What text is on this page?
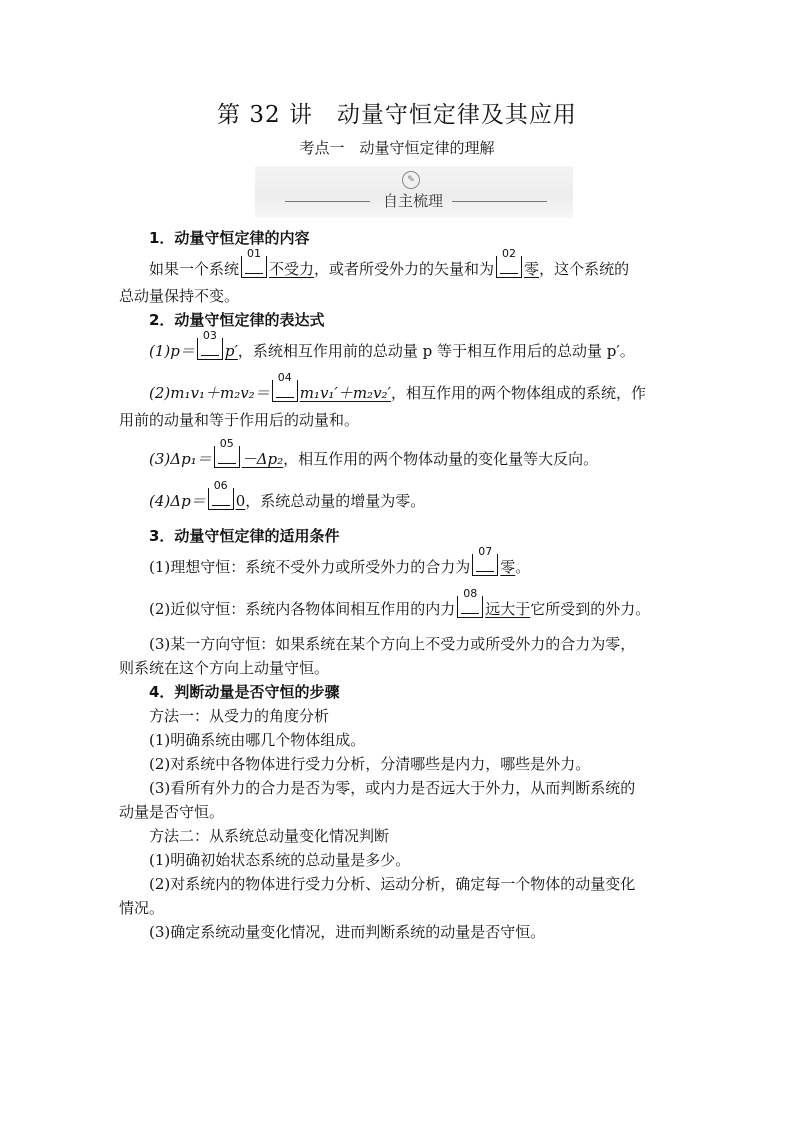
第 32 讲　动量守恒定律及其应用
考点一　动量守恒定律的理解
✎
自主梳理
1．动量守恒定律的内容
如果一个系统
01
不受力，或者所受外力的矢量和为
02
零，这个系统的
总动量保持不变。
2．动量守恒定律的表达式
(1)p＝
03
p′，系统相互作用前的总动量 p 等于相互作用后的总动量 p′。
(2)m₁v₁＋m₂v₂＝
04
m₁v₁′＋m₂v₂′，相互作用的两个物体组成的系统，作
用前的动量和等于作用后的动量和。
(3)Δp₁＝
05
－Δp₂，相互作用的两个物体动量的变化量等大反向。
(4)Δp＝
06
0，系统总动量的增量为零。
3．动量守恒定律的适用条件
(1)理想守恒：系统不受外力或所受外力的合力为
07
零。
(2)近似守恒：系统内各物体间相互作用的内力
08
远大于它所受到的外力。
(3)某一方向守恒：如果系统在某个方向上不受力或所受外力的合力为零，
则系统在这个方向上动量守恒。
4．判断动量是否守恒的步骤
方法一：从受力的角度分析
(1)明确系统由哪几个物体组成。
(2)对系统中各物体进行受力分析，分清哪些是内力，哪些是外力。
(3)看所有外力的合力是否为零，或内力是否远大于外力，从而判断系统的
动量是否守恒。
方法二：从系统总动量变化情况判断
(1)明确初始状态系统的总动量是多少。
(2)对系统内的物体进行受力分析、运动分析，确定每一个物体的动量变化
情况。
(3)确定系统动量变化情况，进而判断系统的动量是否守恒。
